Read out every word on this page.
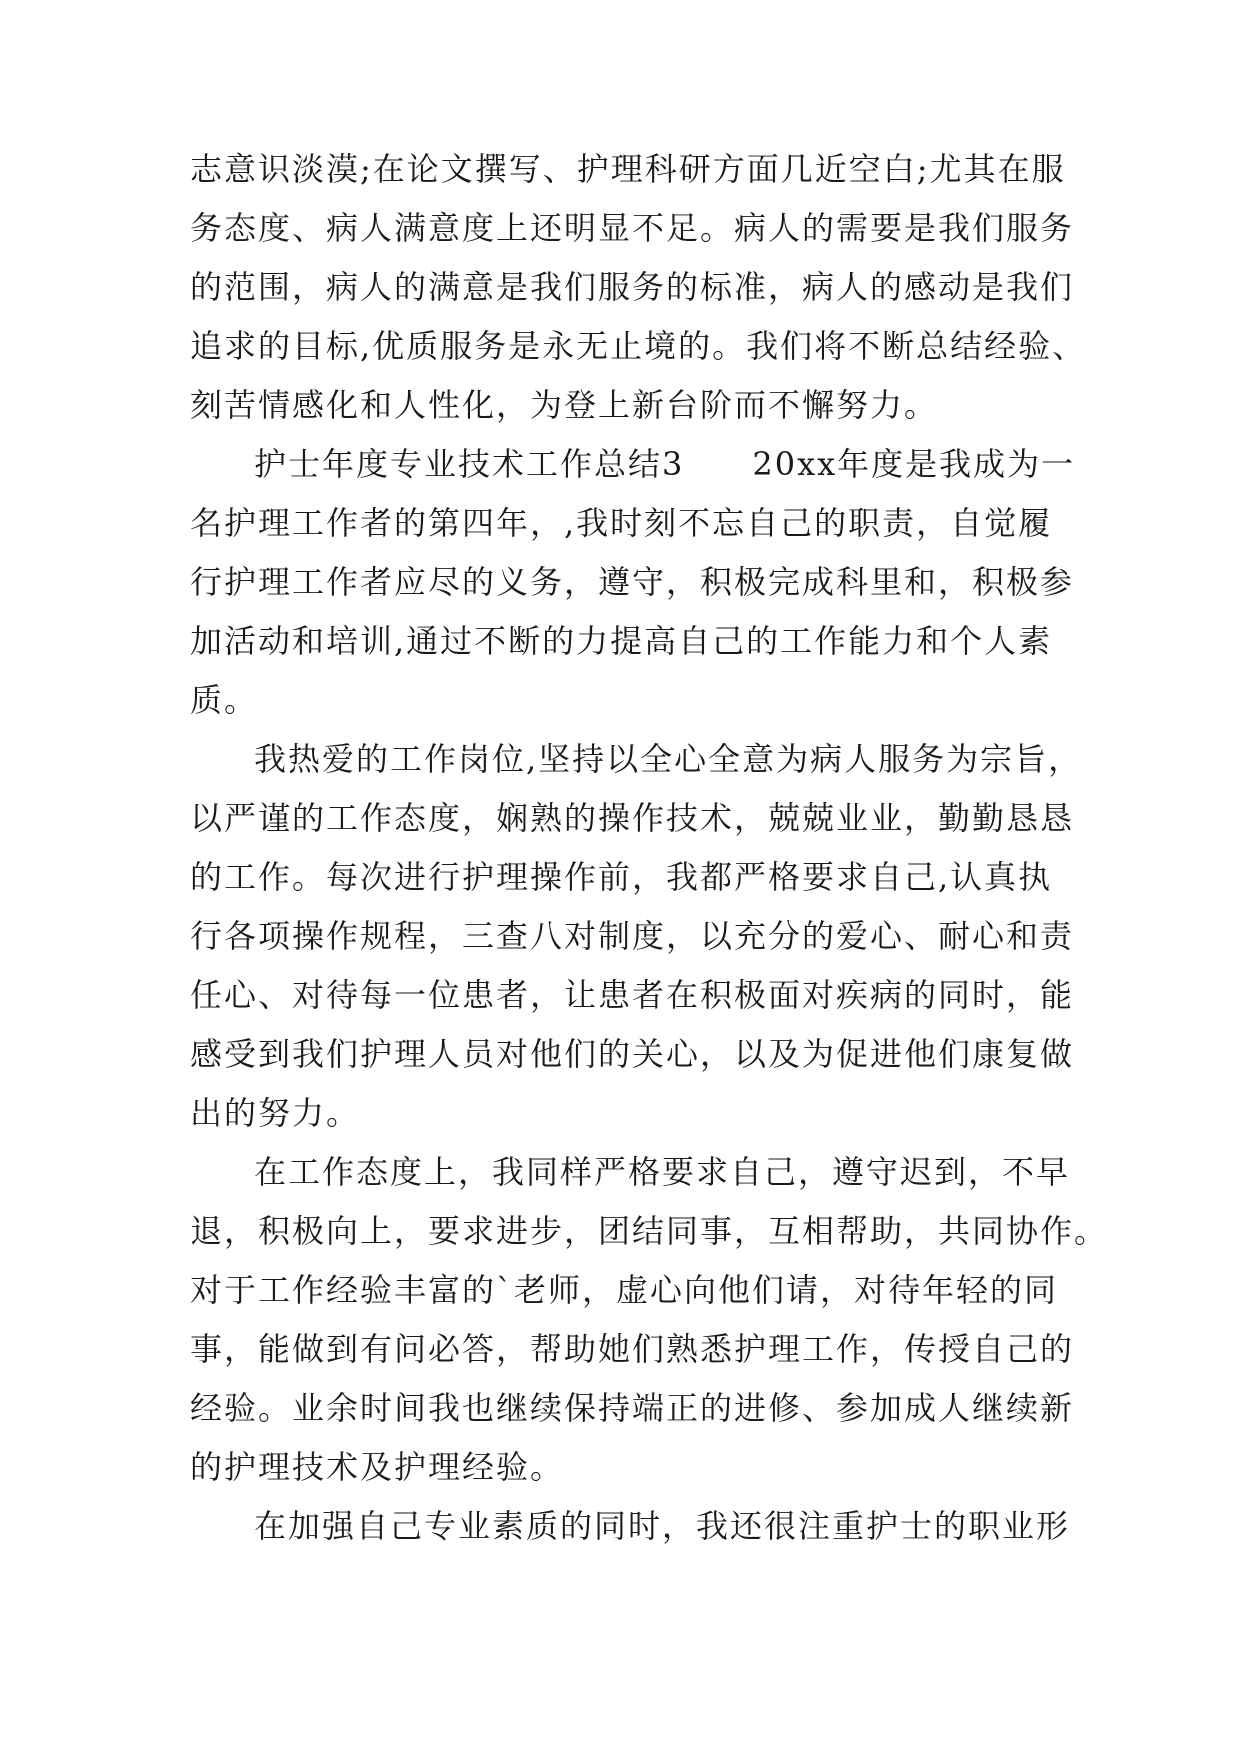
志意识淡漠;在论文撰写、护理科研方面几近空白;尤其在服
务态度、病人满意度上还明显不足。病人的需要是我们服务
的范围，病人的满意是我们服务的标准，病人的感动是我们
追求的目标,优质服务是永无止境的。我们将不断总结经验、
刻苦情感化和人性化，为登上新台阶而不懈努力。
护士年度专业技术工作总结3　　20xx年度是我成为一
名护理工作者的第四年，,我时刻不忘自己的职责，自觉履
行护理工作者应尽的义务，遵守，积极完成科里和，积极参
加活动和培训,通过不断的力提高自己的工作能力和个人素
质。
我热爱的工作岗位,坚持以全心全意为病人服务为宗旨，
以严谨的工作态度，娴熟的操作技术，兢兢业业，勤勤恳恳
的工作。每次进行护理操作前，我都严格要求自己,认真执
行各项操作规程，三查八对制度，以充分的爱心、耐心和责
任心、对待每一位患者，让患者在积极面对疾病的同时，能
感受到我们护理人员对他们的关心，以及为促进他们康复做
出的努力。
在工作态度上，我同样严格要求自己，遵守迟到，不早
退，积极向上，要求进步，团结同事，互相帮助，共同协作。
对于工作经验丰富的`老师，虚心向他们请，对待年轻的同
事，能做到有问必答，帮助她们熟悉护理工作，传授自己的
经验。业余时间我也继续保持端正的进修、参加成人继续新
的护理技术及护理经验。
在加强自己专业素质的同时，我还很注重护士的职业形
